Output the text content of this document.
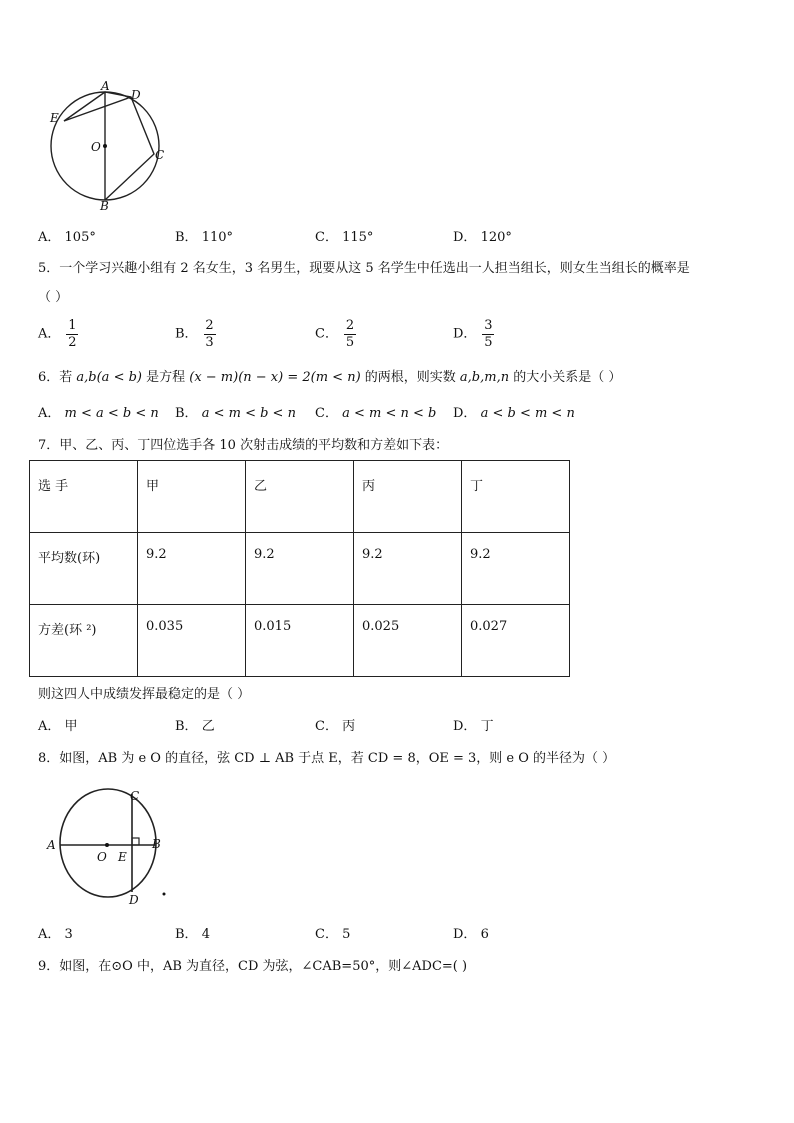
A
D
E
O
C
B
A． 105°	B． 110°	C． 115°	D． 120°
5．一个学习兴趣小组有 2 名女生，3 名男生，现要从这 5 名学生中任选出一人担当组长，则女生当组长的概率是
（ ）
A． $\frac{1}{2}$	B． $\frac{2}{3}$	C． $\frac{2}{5}$	D． $\frac{3}{5}$
6．若 a,b(a < b) 是方程 (x − m)(n − x) = 2(m < n) 的两根，则实数 a,b,m,n 的大小关系是（ ）
A． m < a < b < n B． a < m < b < n C． a < m < n < b D． a < b < m < n
7．甲、乙、丙、丁四位选手各 10 次射击成绩的平均数和方差如下表：
选 手	甲	乙	丙	丁
平均数(环)	9.2	9.2	9.2	9.2
方差(环 ²)	0.035	0.015	0.025	0.027
则这四人中成绩发挥最稳定的是（ ）
A． 甲	B． 乙	C． 丙	D． 丁
8．如图，AB 为 e O 的直径，弦 CD ⊥ AB 于点 E，若 CD = 8，OE = 3，则 e O 的半径为（ ）
C
A
O E
B
D
A． 3	B． 4	C． 5	D． 6
9．如图，在⊙O 中，AB 为直径，CD 为弦，∠CAB=50°，则∠ADC=( )
